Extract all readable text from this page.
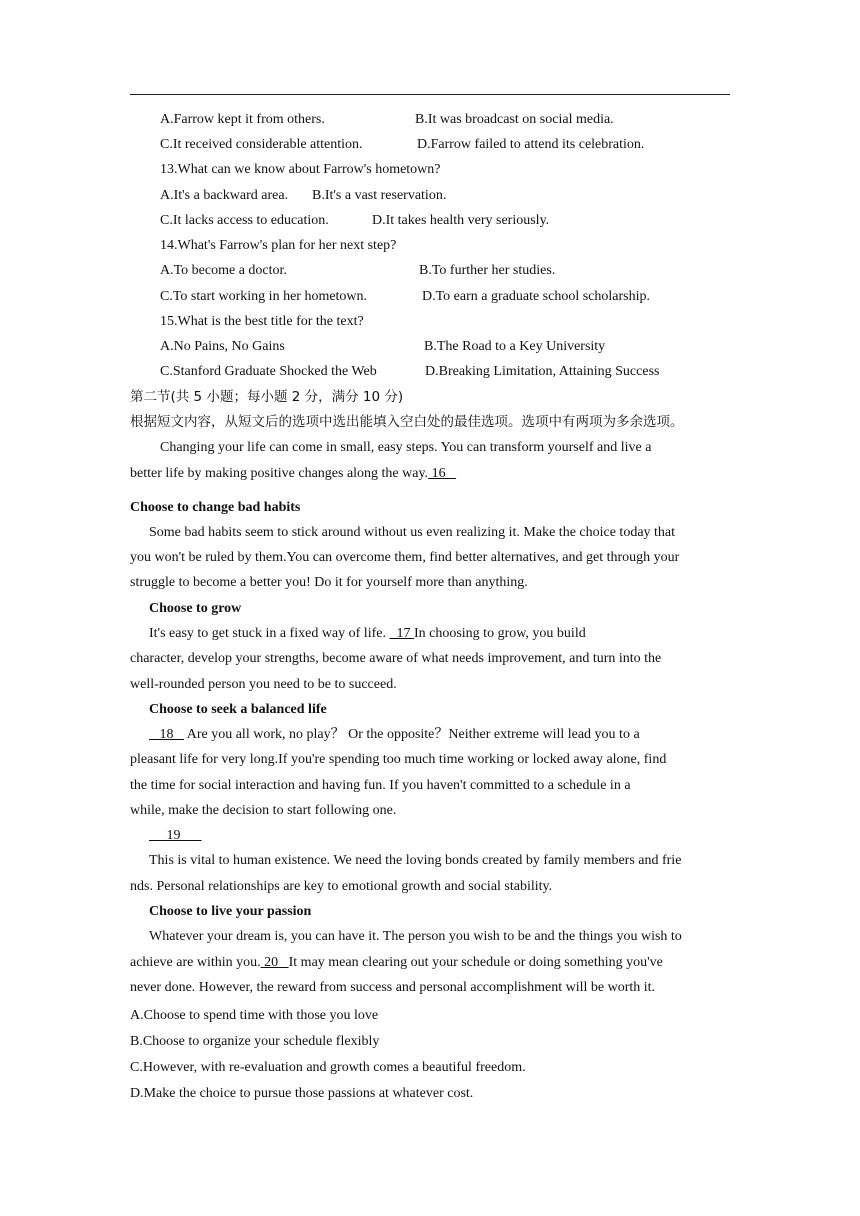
A.Farrow kept it from others.	B.It was broadcast on social media.
C.It received considerable attention.	D.Farrow failed to attend its celebration.
13.What can we know about Farrow's hometown?
A.It's a backward area. B.It's a vast reservation.
C.It lacks access to education.	D.It takes health very seriously.
14.What's Farrow's plan for her next step?
A.To become a doctor.	B.To further her studies.
C.To start working in her hometown.	D.To earn a graduate school scholarship.
15.What is the best title for the text?
A.No Pains, No Gains	B.The Road to a Key University
C.Stanford Graduate Shocked the Web	D.Breaking Limitation, Attaining Success
第二节(共 5 小题；每小题 2 分，满分 10 分)
根据短文内容，从短文后的选项中选出能填入空白处的最佳选项。选项中有两项为多余选项。
Changing your life can come in small, easy steps. You can transform yourself and live a
better life by making positive changes along the way. 16
Choose to change bad habits
Some bad habits seem to stick around without us even realizing it. Make the choice today that
you won't be ruled by them.You can overcome them, find better alternatives, and get through your
struggle to become a better you! Do it for yourself more than anything.
Choose to grow
It's easy to get stuck in a fixed way of life.   17 In choosing to grow, you build
character, develop your strengths, become aware of what needs improvement, and turn into the
well-rounded person you need to be to succeed.
Choose to seek a balanced life
18    Are you all work, no play？ Or the opposite？Neither extreme will lead you to a
pleasant life for very long.If you're spending too much time working or locked away alone, find
the time for social interaction and having fun. If you haven't committed to a schedule in a
while, make the decision to start following one.
19
This is vital to human existence. We need the loving bonds created by family members and frie
nds. Personal relationships are key to emotional growth and social stability.
Choose to live your passion
Whatever your dream is, you can have it. The person you wish to be and the things you wish to
achieve are within you. 20   It may mean clearing out your schedule or doing something you've
never done. However, the reward from success and personal accomplishment will be worth it.
A.Choose to spend time with those you love
B.Choose to organize your schedule flexibly
C.However, with re-evaluation and growth comes a beautiful freedom.
D.Make the choice to pursue those passions at whatever cost.
